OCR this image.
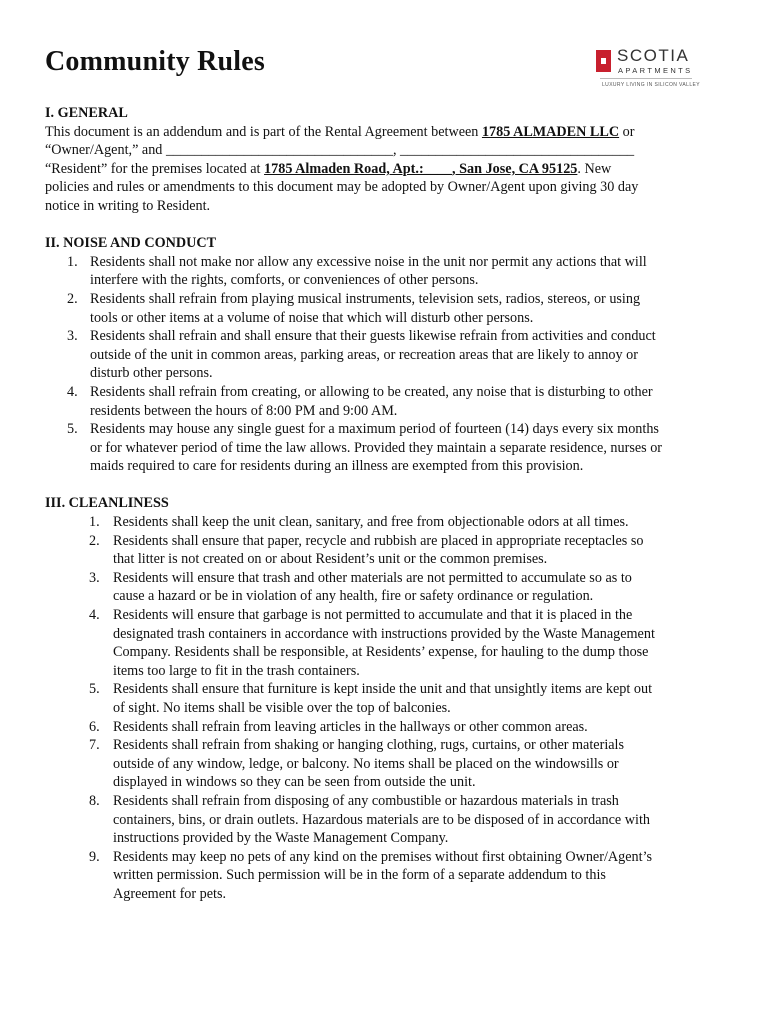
Community Rules	SCOTIA
APARTMENTS
LUXURY LIVING IN SILICON VALLEY

I. GENERAL

This document is an addendum and is part of the Rental Agreement between 1785 ALMADEN LLC or

“Owner/Agent,” and ________________________________, _________________________________

“Resident” for the premises located at 1785 Almaden Road, Apt.:____, San Jose, CA 95125. New

policies and rules or amendments to this document may be adopted by Owner/Agent upon giving 30 day

notice in writing to Resident.

II. NOISE AND CONDUCT

1. Residents shall not make nor allow any excessive noise in the unit nor permit any actions that will
interfere with the rights, comforts, or conveniences of other persons.
2. Residents shall refrain from playing musical instruments, television sets, radios, stereos, or using
tools or other items at a volume of noise that which will disturb other persons.
3. Residents shall refrain and shall ensure that their guests likewise refrain from activities and conduct
outside of the unit in common areas, parking areas, or recreation areas that are likely to annoy or
disturb other persons.
4. Residents shall refrain from creating, or allowing to be created, any noise that is disturbing to other
residents between the hours of 8:00 PM and 9:00 AM.
5. Residents may house any single guest for a maximum period of fourteen (14) days every six months
or for whatever period of time the law allows. Provided they maintain a separate residence, nurses or
maids required to care for residents during an illness are exempted from this provision.

III. CLEANLINESS

1. Residents shall keep the unit clean, sanitary, and free from objectionable odors at all times.
2. Residents shall ensure that paper, recycle and rubbish are placed in appropriate receptacles so
that litter is not created on or about Resident’s unit or the common premises.
3. Residents will ensure that trash and other materials are not permitted to accumulate so as to
cause a hazard or be in violation of any health, fire or safety ordinance or regulation.
4. Residents will ensure that garbage is not permitted to accumulate and that it is placed in the
designated trash containers in accordance with instructions provided by the Waste Management
Company. Residents shall be responsible, at Residents’ expense, for hauling to the dump those
items too large to fit in the trash containers.
5. Residents shall ensure that furniture is kept inside the unit and that unsightly items are kept out
of sight. No items shall be visible over the top of balconies.
6. Residents shall refrain from leaving articles in the hallways or other common areas.
7. Residents shall refrain from shaking or hanging clothing, rugs, curtains, or other materials
outside of any window, ledge, or balcony. No items shall be placed on the windowsills or
displayed in windows so they can be seen from outside the unit.
8. Residents shall refrain from disposing of any combustible or hazardous materials in trash
containers, bins, or drain outlets. Hazardous materials are to be disposed of in accordance with
instructions provided by the Waste Management Company.
9. Residents may keep no pets of any kind on the premises without first obtaining Owner/Agent’s
written permission. Such permission will be in the form of a separate addendum to this
Agreement for pets.
